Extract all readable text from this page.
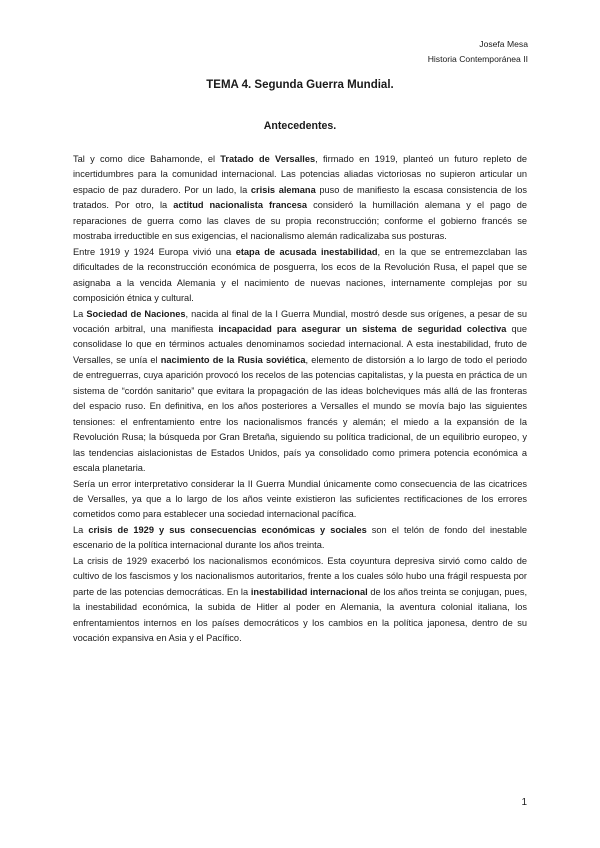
Josefa Mesa
Historia Contemporánea II
TEMA 4. Segunda Guerra Mundial.
Antecedentes.

Tal y como dice Bahamonde, el Tratado de Versalles, firmado en 1919, planteó un futuro repleto de incertidumbres para la comunidad internacional. Las potencias aliadas victoriosas no supieron articular un espacio de paz duradero. Por un lado, la crisis alemana puso de manifiesto la escasa consistencia de los tratados. Por otro, la actitud nacionalista francesa consideró la humillación alemana y el pago de reparaciones de guerra como las claves de su propia reconstrucción; conforme el gobierno francés se mostraba irreductible en sus exigencias, el nacionalismo alemán radicalizaba sus posturas.

Entre 1919 y 1924 Europa vivió una etapa de acusada inestabilidad, en la que se entremezclaban las dificultades de la reconstrucción económica de posguerra, los ecos de la Revolución Rusa, el papel que se asignaba a la vencida Alemania y el nacimiento de nuevas naciones, internamente complejas por su composición étnica y cultural.

La Sociedad de Naciones, nacida al final de la I Guerra Mundial, mostró desde sus orígenes, a pesar de su vocación arbitral, una manifiesta incapacidad para asegurar un sistema de seguridad colectiva que consolidase lo que en términos actuales denominamos sociedad internacional. A esta inestabilidad, fruto de Versalles, se unía el nacimiento de la Rusia soviética, elemento de distorsión a lo largo de todo el periodo de entreguerras, cuya aparición provocó los recelos de las potencias capitalistas, y la puesta en práctica de un sistema de “cordón sanitario” que evitara la propagación de las ideas bolcheviques más allá de las fronteras del espacio ruso. En definitiva, en los años posteriores a Versalles el mundo se movía bajo las siguientes tensiones: el enfrentamiento entre los nacionalismos francés y alemán; el miedo a la expansión de la Revolución Rusa; la búsqueda por Gran Bretaña, siguiendo su política tradicional, de un equilibrio europeo, y las tendencias aislacionistas de Estados Unidos, país ya consolidado como primera potencia económica a escala planetaria.

Sería un error interpretativo considerar la II Guerra Mundial únicamente como consecuencia de las cicatrices de Versalles, ya que a lo largo de los años veinte existieron las suficientes rectificaciones de los errores cometidos como para establecer una sociedad internacional pacífica.

La crisis de 1929 y sus consecuencias económicas y sociales son el telón de fondo del inestable escenario de la política internacional durante los años treinta.

La crisis de 1929 exacerbó los nacionalismos económicos. Esta coyuntura depresiva sirvió como caldo de cultivo de los fascismos y los nacionalismos autoritarios, frente a los cuales sólo hubo una frágil respuesta por parte de las potencias democráticas. En la inestabilidad internacional de los años treinta se conjugan, pues, la inestabilidad económica, la subida de Hitler al poder en Alemania, la aventura colonial italiana, los enfrentamientos internos en los países democráticos y los cambios en la política japonesa, dentro de su vocación expansiva en Asia y el Pacífico.

1
